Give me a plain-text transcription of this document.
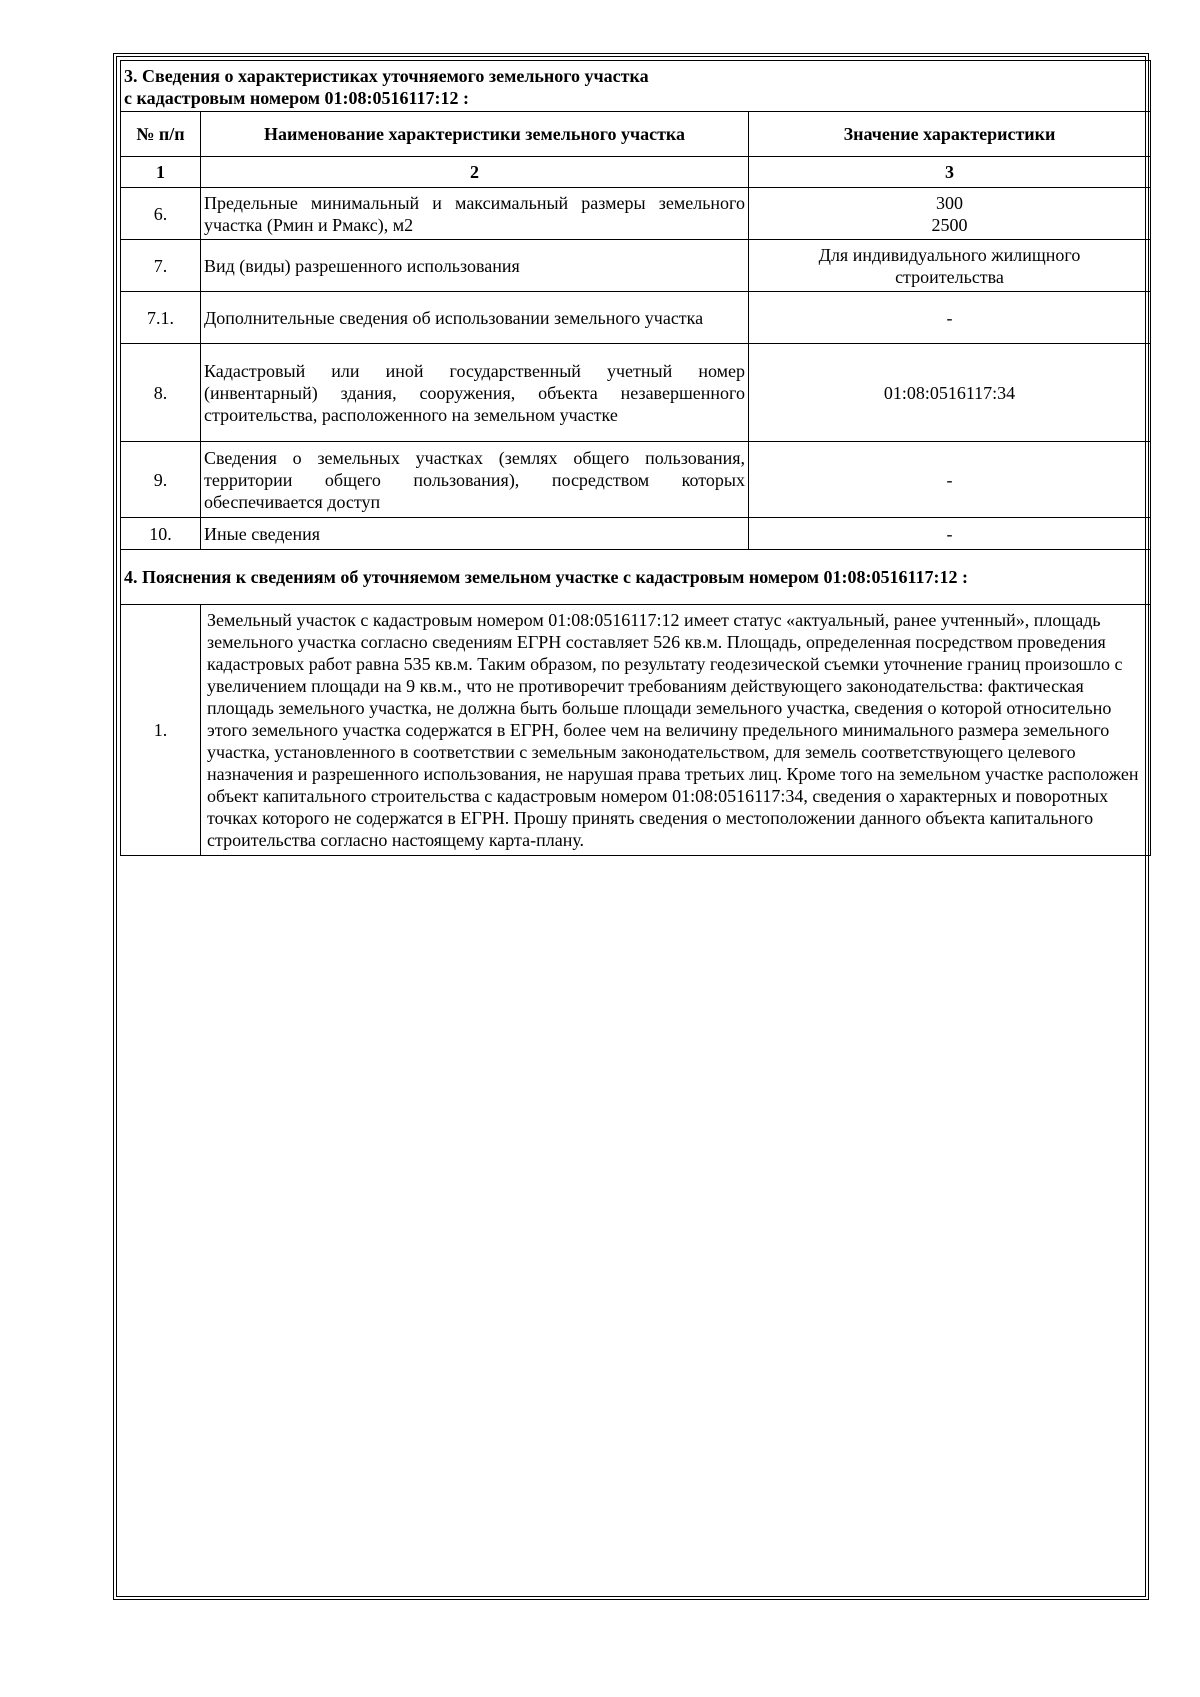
3. Сведения о характеристиках уточняемого земельного участка
с кадастровым номером 01:08:0516117:12 :		

№ п/п	Наименование характеристики земельного участка	Значение характеристики
1	2	3
6.	Предельные минимальный и максимальный размеры земельного участка (Pмин и Рмакс), м2	300
2500

7.	Вид (виды) разрешенного использования	Для индивидуального жилищного
строительства

7.1.	Дополнительные сведения об использовании земельного участка	-
8.	Кадастровый или иной государственный учетный номер (инвентарный) здания, сооружения, объекта незавершенного строительства, расположенного на земельном участке	01:08:0516117:34
9.	Сведения о земельных участках (землях общего пользования, территории общего пользования), посредством которых обеспечивается доступ	-
10.	Иные сведения	-
4. Пояснения к сведениям об уточняемом земельном участке с кадастровым номером 01:08:0516117:12 :		
1.	Земельный участок с кадастровым номером 01:08:0516117:12 имеет статус «актуальный, ранее учтенный», площадь земельного участка согласно сведениям ЕГРН составляет 526 кв.м. Площадь, определенная посредством проведения кадастровых работ равна 535 кв.м. Таким образом, по результату геодезической съемки уточнение границ произошло с увеличением площади на 9 кв.м., что не противоречит требованиям действующего законодательства: фактическая площадь земельного участка, не должна быть больше площади земельного участка, сведения о которой относительно этого земельного участка содержатся в ЕГРН, более чем на величину предельного минимального размера земельного участка, установленного в соответствии с земельным законодательством, для земель соответствующего целевого назначения и разрешенного использования, не нарушая права третьих лиц. Кроме того на земельном участке расположен объект капитального строительства с кадастровым номером 01:08:0516117:34, сведения о характерных и поворотных точках которого не содержатся в ЕГРН. Прошу принять сведения о местоположении данного объекта капитального строительства согласно настоящему карта-плану.	
